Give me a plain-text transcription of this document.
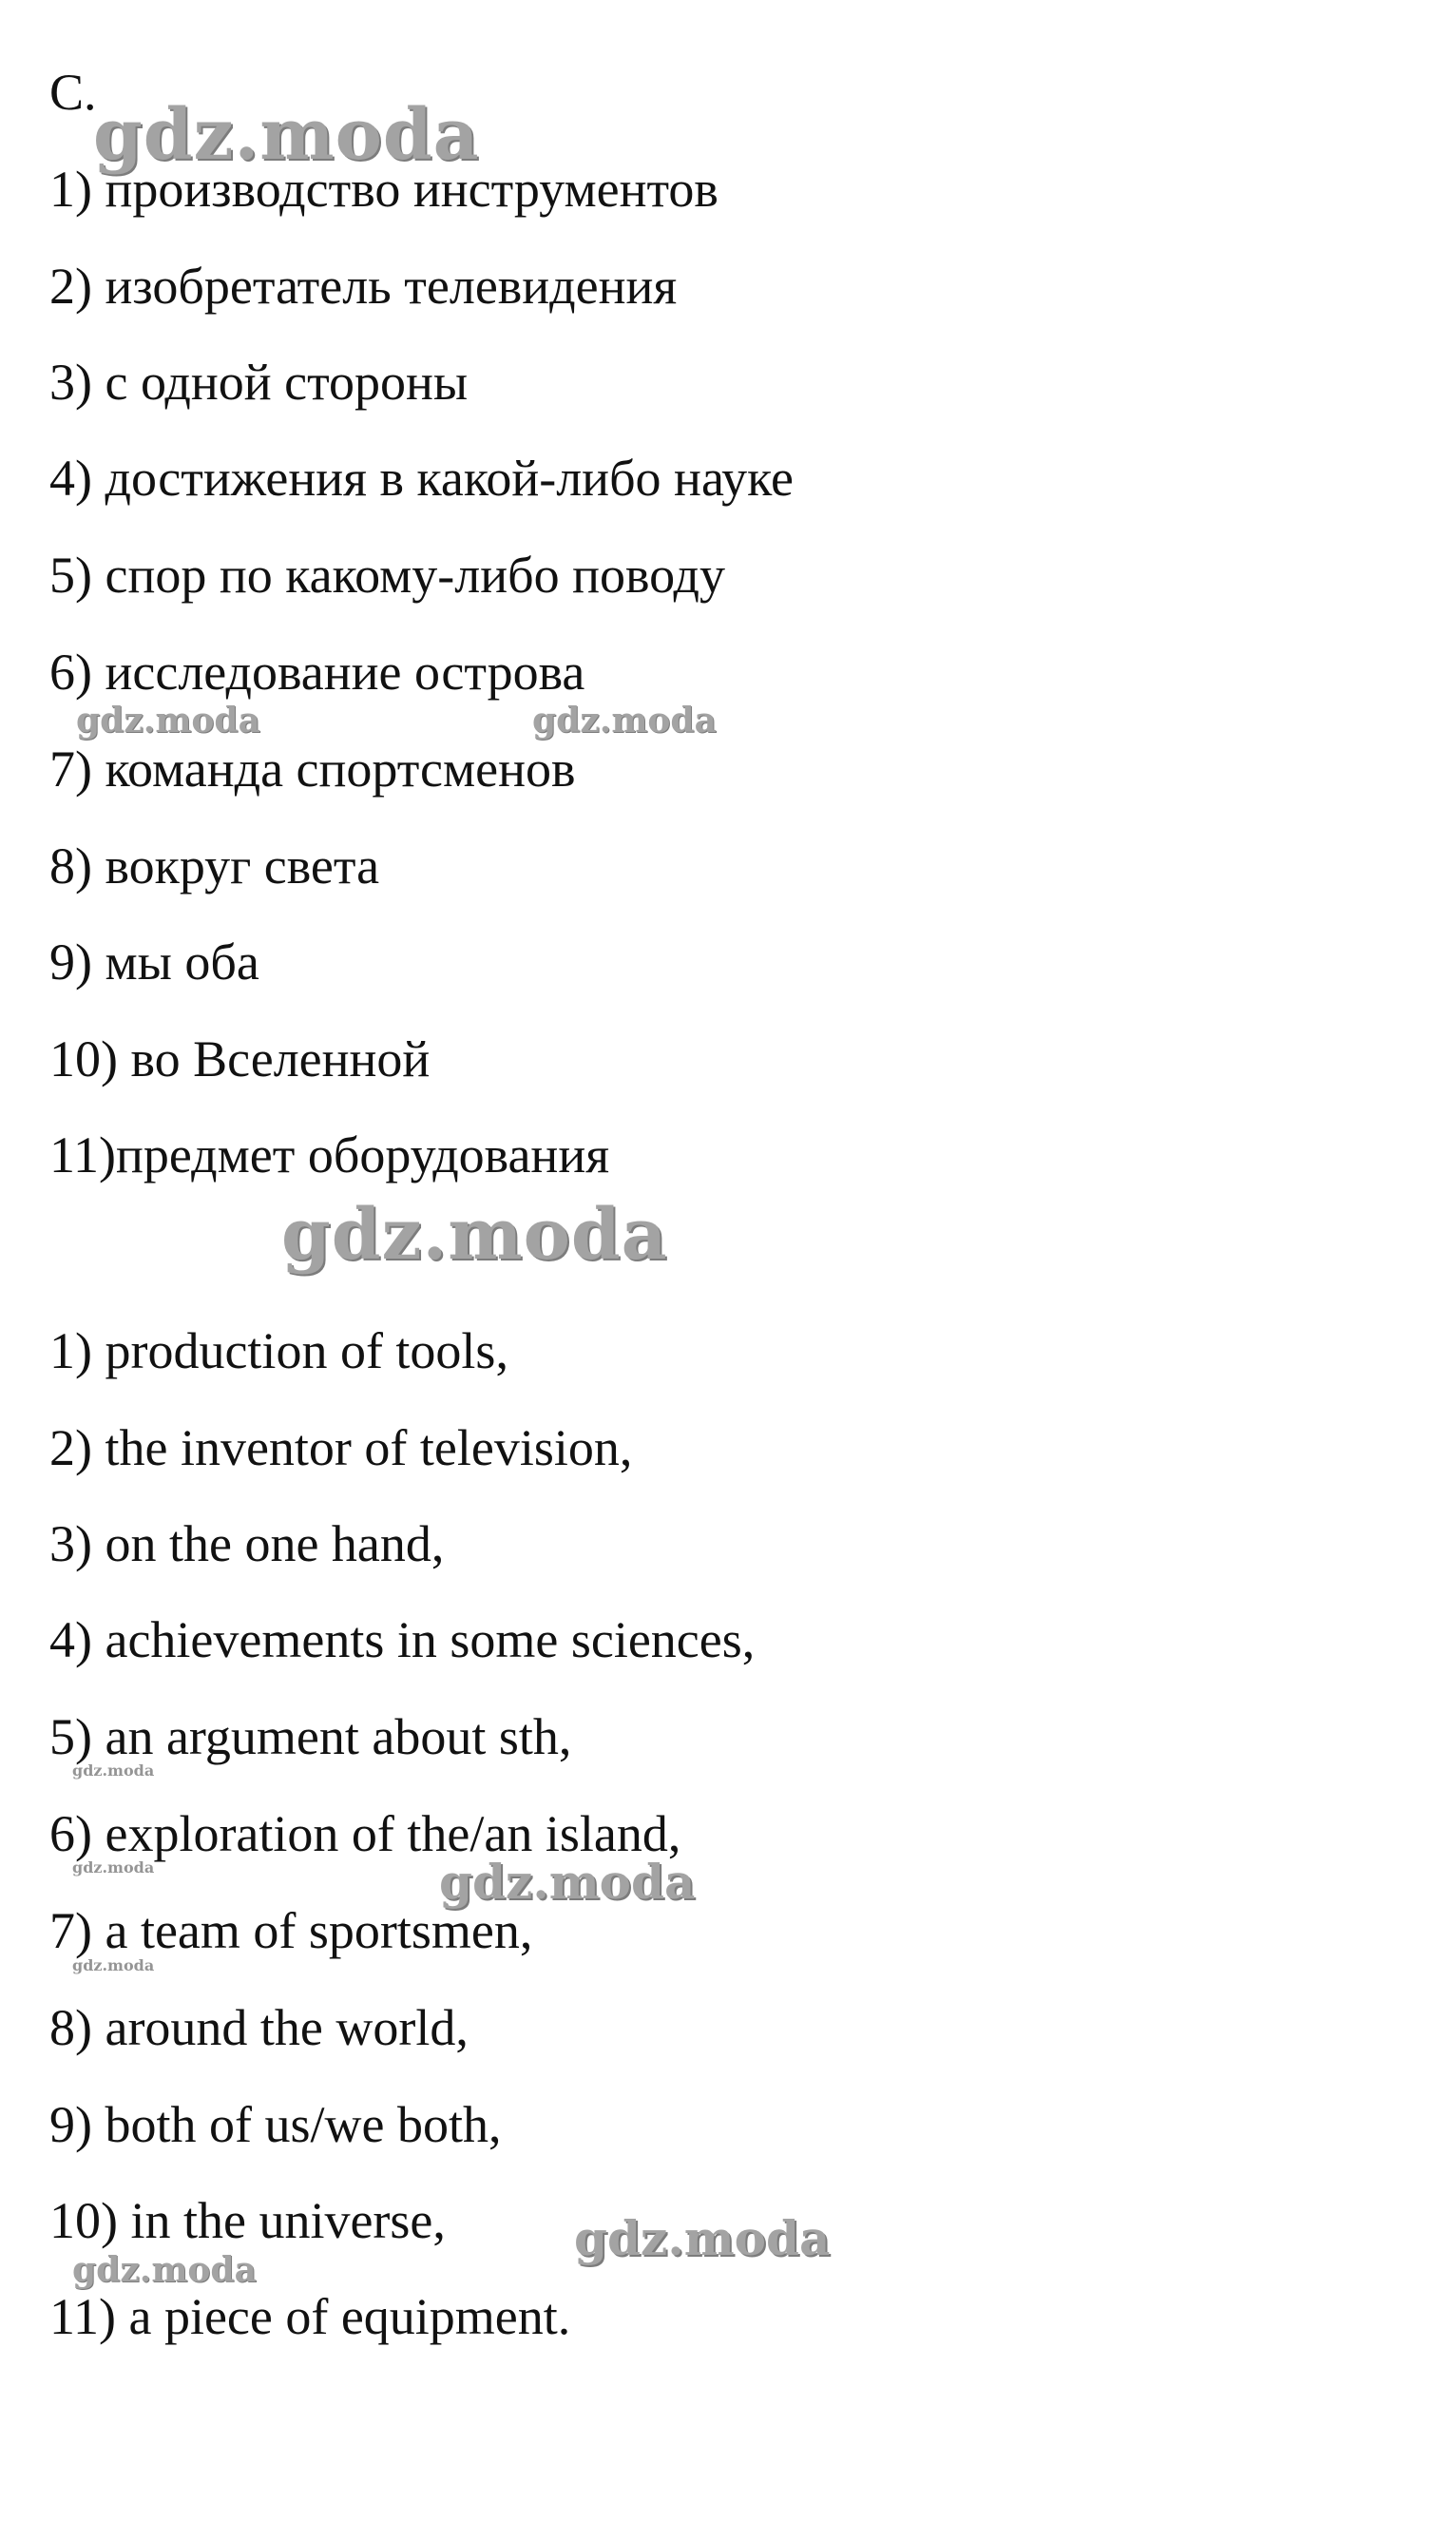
C.
1) производство инструментов
2) изобретатель телевидения
3) с одной стороны
4) достижения в какой-либо науке
5) спор по какому-либо поводу
6) исследование острова
7) команда спортсменов
8) вокруг света
9) мы оба
10) во Вселенной
11)предмет оборудования
1) production of tools,
2) the inventor of television,
3) on the one hand,
4) achievements in some sciences,
5) an argument about sth,
6) exploration of the/an island,
7) a team of sportsmen,
8) around the world,
9) both of us/we both,
10) in the universe,
11) a piece of equipment.
gdz.moda
gdz.moda	gdz.moda
gdz.moda
gdz.moda
gdz.moda	gdz.moda
gdz.moda
gdz.moda
gdz.moda
